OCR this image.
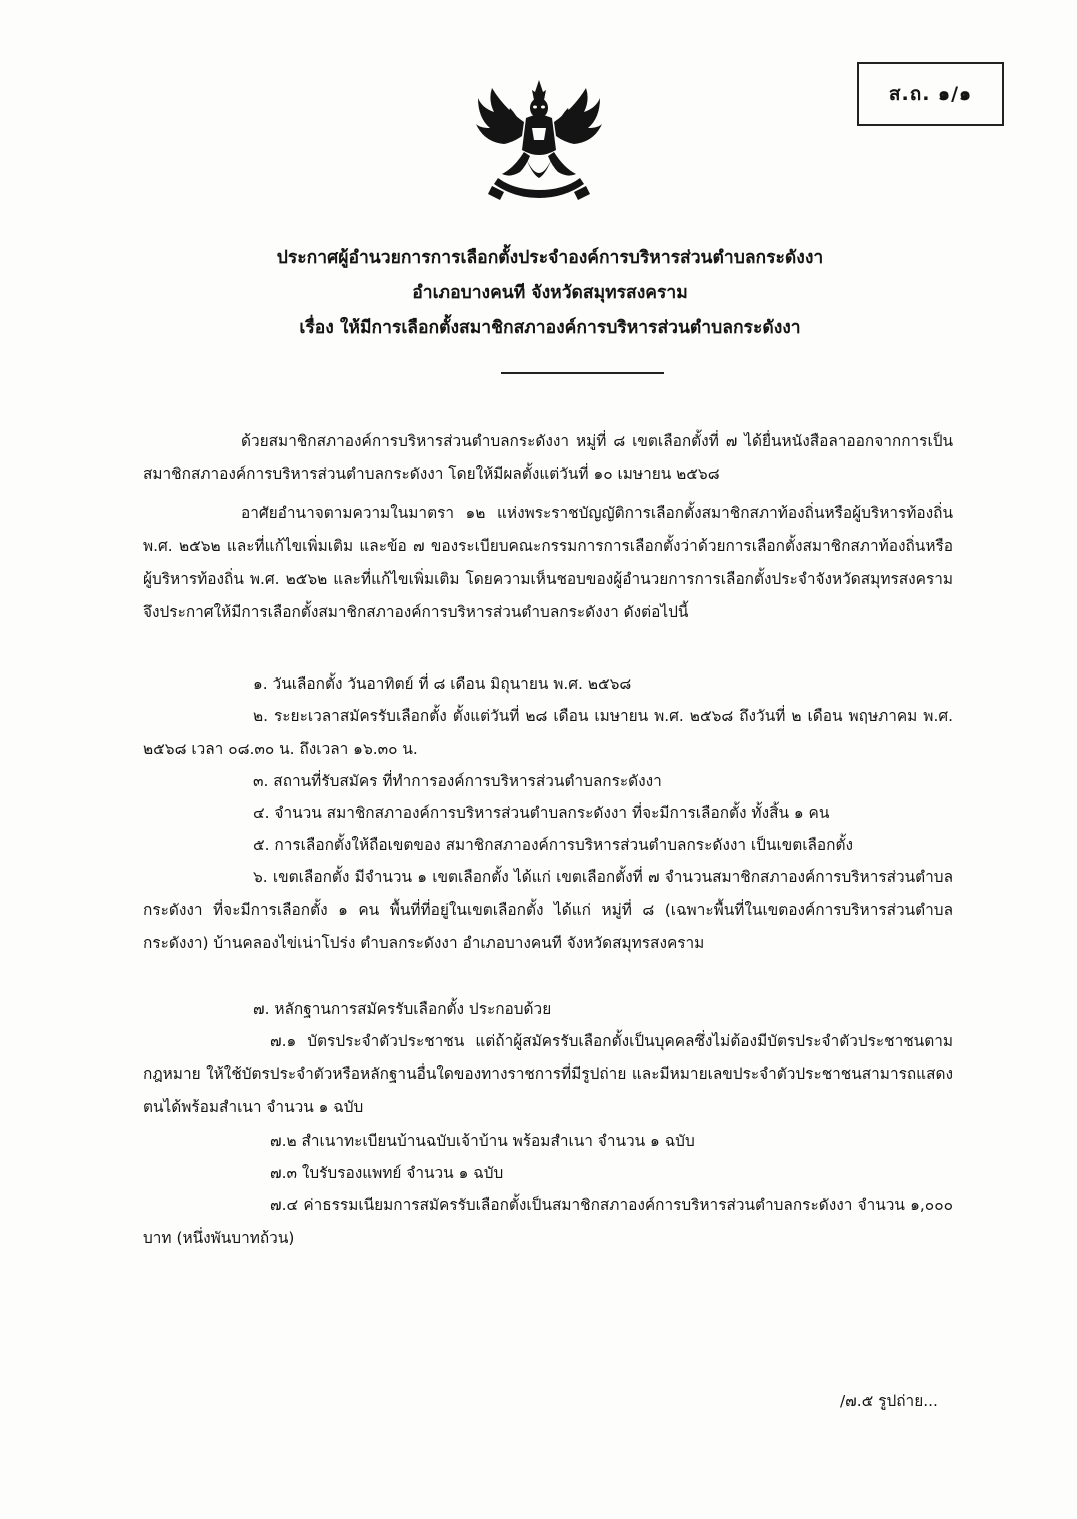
ส.ถ. ๑/๑
ประกาศผู้อำนวยการการเลือกตั้งประจำองค์การบริหารส่วนตำบลกระดังงา
อำเภอบางคนที จังหวัดสมุทรสงคราม
เรื่อง ให้มีการเลือกตั้งสมาชิกสภาองค์การบริหารส่วนตำบลกระดังงา
ด้วยสมาชิกสภาองค์การบริหารส่วนตำบลกระดังงา หมู่ที่ ๘ เขตเลือกตั้งที่ ๗ ได้ยื่นหนังสือลาออกจากการเป็นสมาชิกสภาองค์การบริหารส่วนตำบลกระดังงา โดยให้มีผลตั้งแต่วันที่ ๑๐ เมษายน ๒๕๖๘
อาศัยอำนาจตามความในมาตรา ๑๒ แห่งพระราชบัญญัติการเลือกตั้งสมาชิกสภาท้องถิ่นหรือผู้บริหารท้องถิ่น พ.ศ. ๒๕๖๒ และที่แก้ไขเพิ่มเติม และข้อ ๗ ของระเบียบคณะกรรมการการเลือกตั้งว่าด้วยการเลือกตั้งสมาชิกสภาท้องถิ่นหรือผู้บริหารท้องถิ่น พ.ศ. ๒๕๖๒ และที่แก้ไขเพิ่มเติม โดยความเห็นชอบของผู้อำนวยการการเลือกตั้งประจำจังหวัดสมุทรสงคราม จึงประกาศให้มีการเลือกตั้งสมาชิกสภาองค์การบริหารส่วนตำบลกระดังงา ดังต่อไปนี้
๑. วันเลือกตั้ง วันอาทิตย์ ที่ ๘ เดือน มิถุนายน พ.ศ. ๒๕๖๘
๒. ระยะเวลาสมัครรับเลือกตั้ง ตั้งแต่วันที่ ๒๘ เดือน เมษายน พ.ศ. ๒๕๖๘ ถึงวันที่ ๒ เดือน พฤษภาคม พ.ศ. ๒๕๖๘ เวลา ๐๘.๓๐ น. ถึงเวลา ๑๖.๓๐ น.
๓. สถานที่รับสมัคร ที่ทำการองค์การบริหารส่วนตำบลกระดังงา
๔. จำนวน สมาชิกสภาองค์การบริหารส่วนตำบลกระดังงา ที่จะมีการเลือกตั้ง ทั้งสิ้น ๑ คน
๕. การเลือกตั้งให้ถือเขตของ สมาชิกสภาองค์การบริหารส่วนตำบลกระดังงา เป็นเขตเลือกตั้ง
๖. เขตเลือกตั้ง มีจำนวน ๑ เขตเลือกตั้ง ได้แก่ เขตเลือกตั้งที่ ๗ จำนวนสมาชิกสภาองค์การบริหารส่วนตำบลกระดังงา ที่จะมีการเลือกตั้ง ๑ คน พื้นที่ที่อยู่ในเขตเลือกตั้ง ได้แก่ หมู่ที่ ๘ (เฉพาะพื้นที่ในเขตองค์การบริหารส่วนตำบลกระดังงา) บ้านคลองไข่เน่าโปร่ง ตำบลกระดังงา อำเภอบางคนที จังหวัดสมุทรสงคราม
๗. หลักฐานการสมัครรับเลือกตั้ง ประกอบด้วย
๗.๑ บัตรประจำตัวประชาชน แต่ถ้าผู้สมัครรับเลือกตั้งเป็นบุคคลซึ่งไม่ต้องมีบัตรประจำตัวประชาชนตามกฎหมาย ให้ใช้บัตรประจำตัวหรือหลักฐานอื่นใดของทางราชการที่มีรูปถ่าย และมีหมายเลขประจำตัวประชาชนสามารถแสดงตนได้พร้อมสำเนา จำนวน ๑ ฉบับ
๗.๒ สำเนาทะเบียนบ้านฉบับเจ้าบ้าน พร้อมสำเนา จำนวน ๑ ฉบับ
๗.๓ ใบรับรองแพทย์ จำนวน ๑ ฉบับ
๗.๔ ค่าธรรมเนียมการสมัครรับเลือกตั้งเป็นสมาชิกสภาองค์การบริหารส่วนตำบลกระดังงา จำนวน ๑,๐๐๐ บาท (หนึ่งพันบาทถ้วน)
/๗.๕ รูปถ่าย...
